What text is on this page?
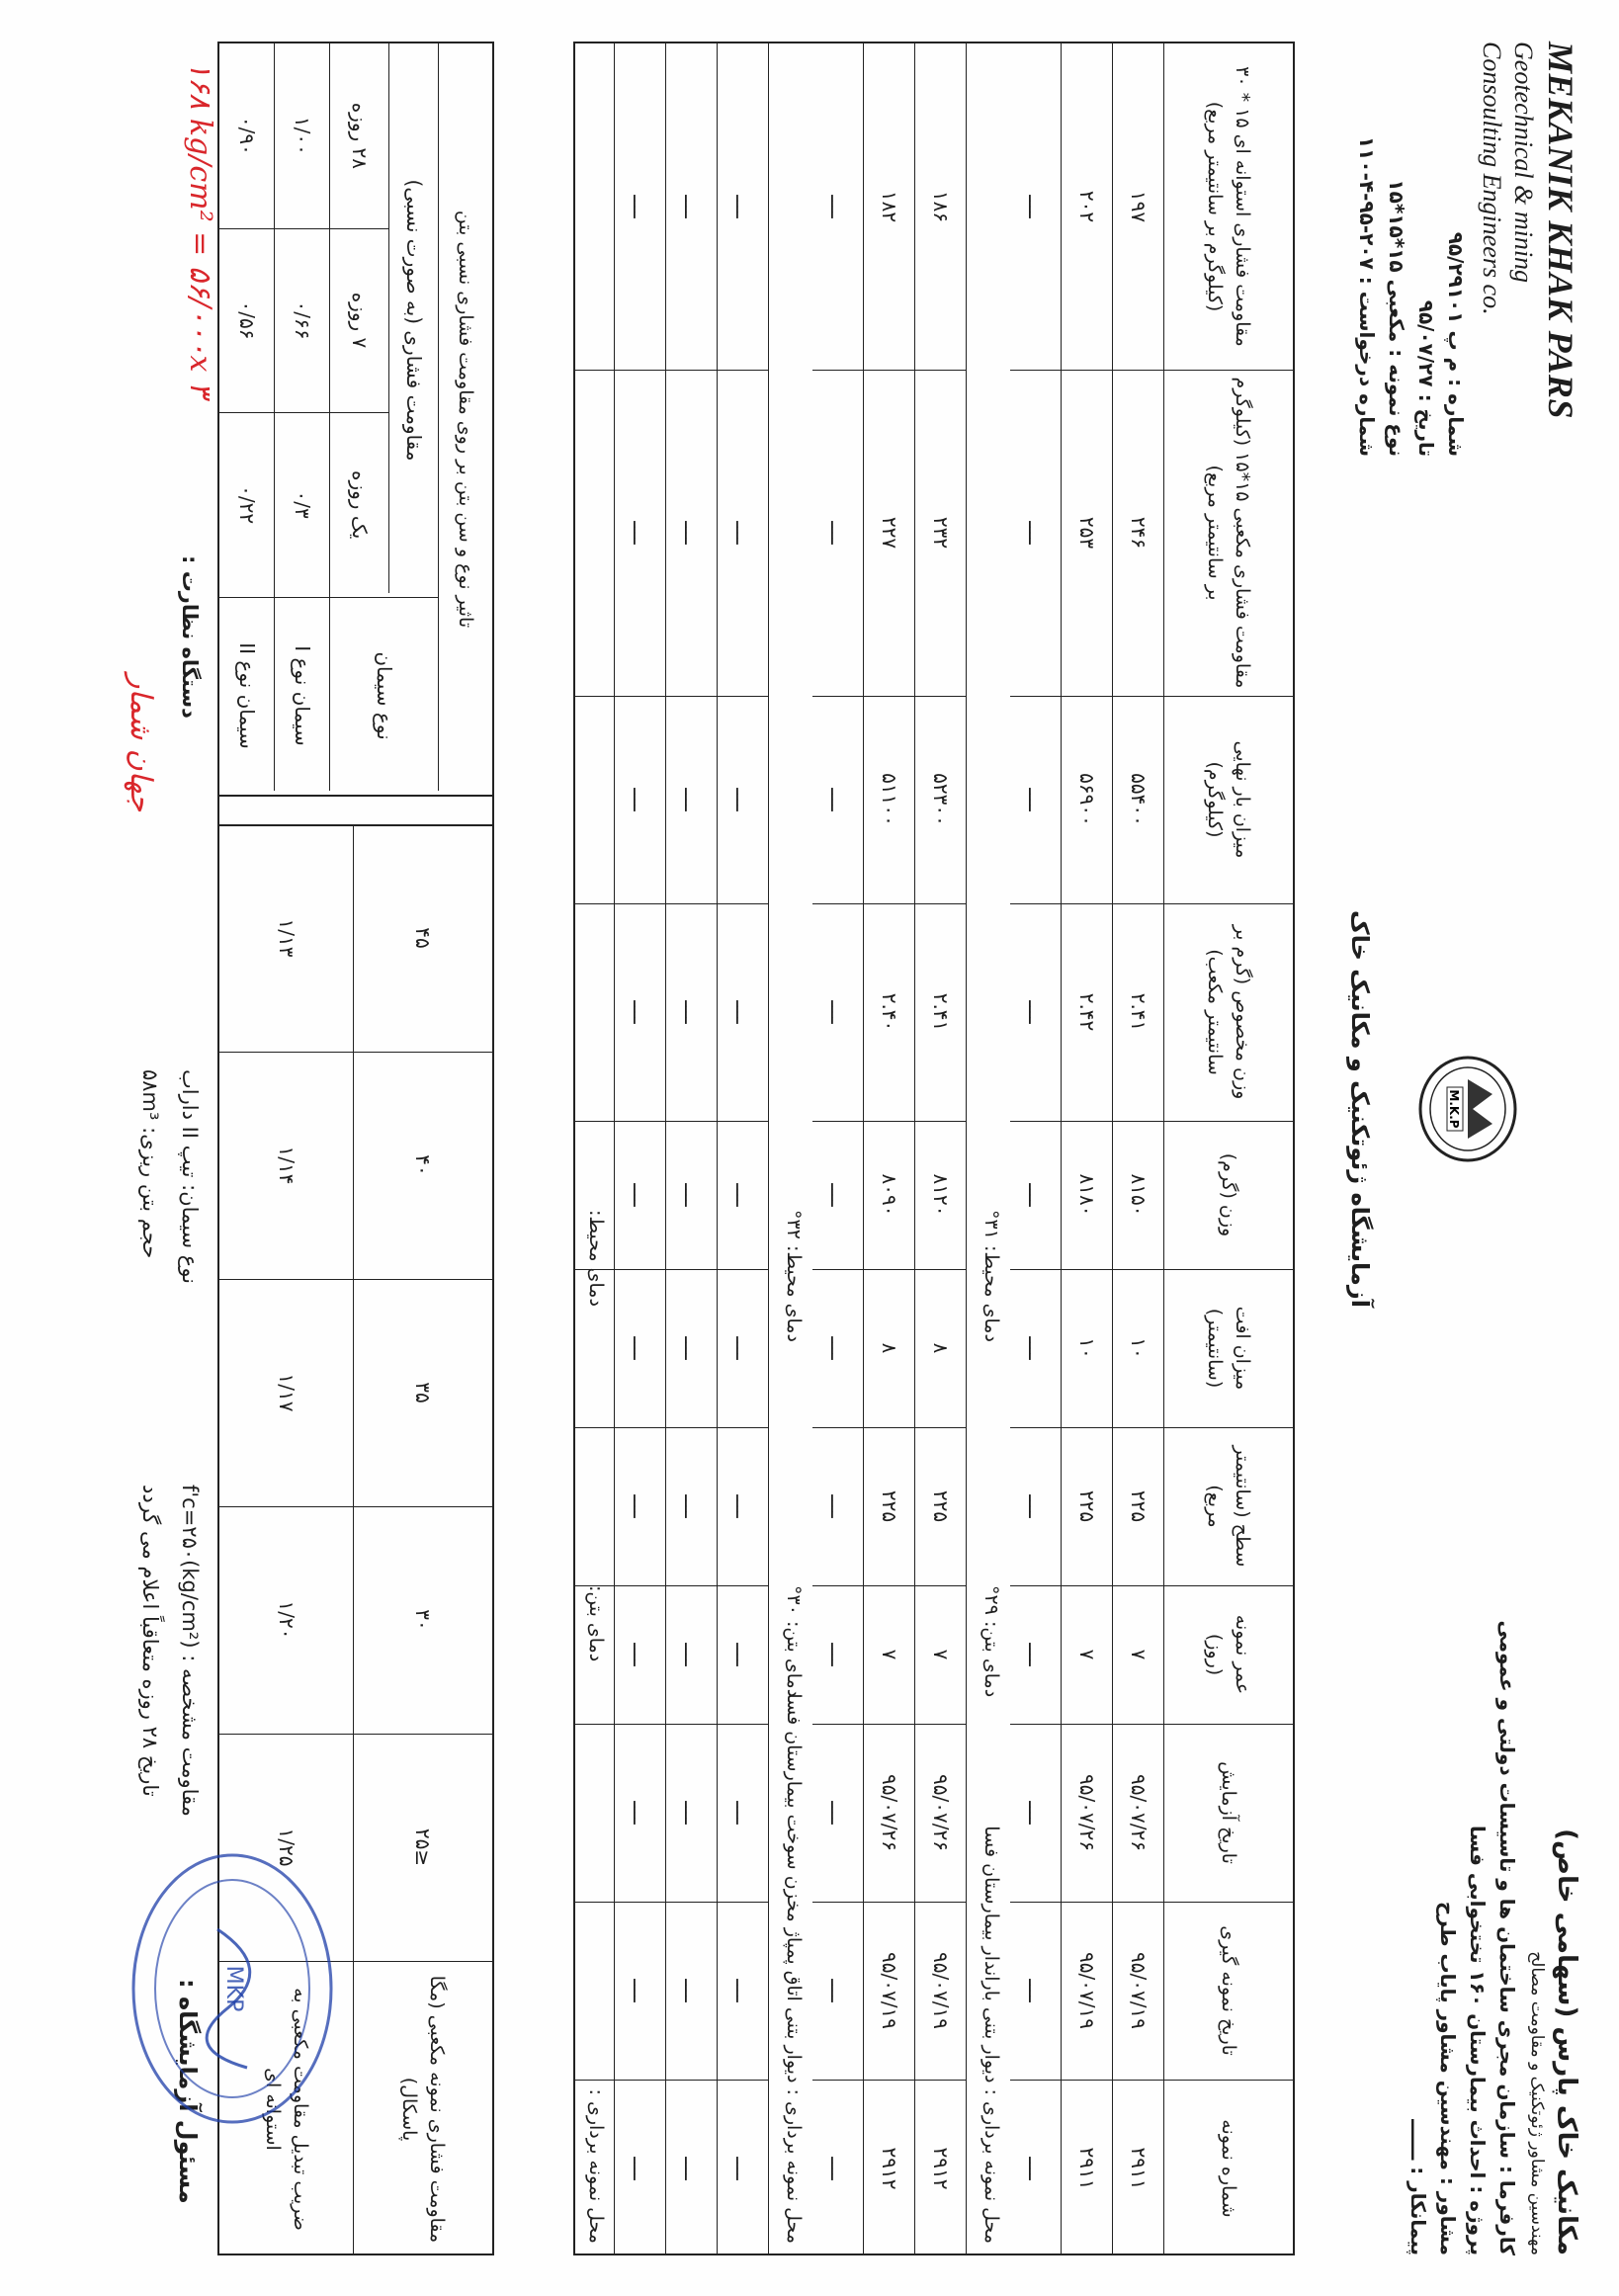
MEKANIK KHAK PARS
Geotechnical & mining
Consoulting Engineers co.
شماره : م پ ۹۵/۲۹۱۰۱
تاریخ : ۹۵/۰۷/۲۷
نوع نمونه : مکعبی ۱۵*۱۵*۱۵
شماره درخواست : ۲۰۷-۹۵-۴-۱۱۰
M.K.P
آزمایشگاه ژئوتکنیک و مکانیک خاک
مکانیک خاک پارس (سهامی خاص)
مهندسین مشاور ژئوتکنیک و مقاومت مصالح
کارفرما : سازمان مجری ساختمان ها و تاسیسات دولتی و عمومی
پروژه : احداث بیمارستان ۱۶۰ تختخوابی فسا
مشاور : مهندسین مشاور پایاب طرح
پیمانکار : ــــــ
شماره نمونه
تاریخ نمونه گیری
تاریخ آزمایش
عمر نمونه (روز)
سطح (سانتیمتر مربع)
میزان افت (سانتیمتر)
وزن (گرم)
وزن مخصوص (گرم بر سانتیمتر مکعب)
میزان بار نهایی (کیلوگرم)
مقاومت فشاری مکعبی ۱۵*۱۵ (کیلوگرم بر سانتیمتر مربع)
مقاومت فشاری استوانه ای ۱۵ * ۳۰ (کیلوگرم بر سانتیمتر مربع)
۲۹۱۱
۹۵/۰۷/۱۹
۹۵/۰۷/۲۶
۷
۲۲۵
۱۰
۸۱۵۰
۲.۴۱
۵۵۴۰۰
۲۴۶
۱۹۷
۲۹۱۱
۹۵/۰۷/۱۹
۹۵/۰۷/۲۶
۷
۲۲۵
۱۰
۸۱۸۰
۲.۴۲
۵۶۹۰۰
۲۵۳
۲۰۲
ــــ
ــــ
ــــ
ــــ
ــــ
ــــ
ــــ
ــــ
ــــ
ــــ
ــــ
محل نمونه برداری : دیوار بتنی باراندار بیمارستان فسا
دمای بتن: ۲۹°
دمای محیط: ۳۱°
۲۹۱۲
۹۵/۰۷/۱۹
۹۵/۰۷/۲۶
۷
۲۲۵
۸
۸۱۲۰
۲.۴۱
۵۲۳۰۰
۲۳۲
۱۸۶
۲۹۱۲
۹۵/۰۷/۱۹
۹۵/۰۷/۲۶
۷
۲۲۵
۸
۸۰۹۰
۲.۴۰
۵۱۱۰۰
۲۲۷
۱۸۲
ــــ
ــــ
ــــ
ــــ
ــــ
ــــ
ــــ
ــــ
ــــ
ــــ
ــــ
محل نمونه برداری : دیوار بتنی اتاق پمپاژ مخزن سوخت بیمارستان فسا
دمای بتن: ۳۰°
دمای محیط: ۳۲°
ــــ
ــــ
ــــ
ــــ
ــــ
ــــ
ــــ
ــــ
ــــ
ــــ
ــــ
ــــ
ــــ
ــــ
ــــ
ــــ
ــــ
ــــ
ــــ
ــــ
ــــ
ــــ
ــــ
ــــ
ــــ
ــــ
ــــ
ــــ
ــــ
ــــ
ــــ
ــــ
ــــ
محل نمونه برداری :
دمای بتن:
دمای محیط:
مقاومت فشاری نمونه مکعبی (مگا پاسکال)
ضریب تبدیل مقاومت مکعبی به استوانه ای
≤۲۵
۱/۲۵
۳۰
۱/۲۰
۳۵
۱/۱۷
۴۰
۱/۱۴
۴۵
۱/۱۳
تاثیر نوع و سن بتن بر روی مقاومت فشاری نسبی بتن
نوع سیمان
مقاومت فشاری (به صورت نسبی)
یک روزه
۰/۳
۰/۲۲
۷ روزه
۰/۶۶
۰/۵۶
۲۸ روزه
۱/۰۰
۰/۹۰
سیمان نوع I
سیمان نوع II
دستگاه نظارت :
نوع سیمان: تیپ II داراب
حجم بتن ریزی: ۵۸m³
f'c=۲۵۰(kg/cm²) : مقاومت مشخصه
تاریخ ۲۸ روزه متعاقباً اعلام می گردد
مسئول آزمایشگاه :
۱۶۸ kg/cm² = ۵۶/۰۰۰x ۳
جهان شمار
MKP
